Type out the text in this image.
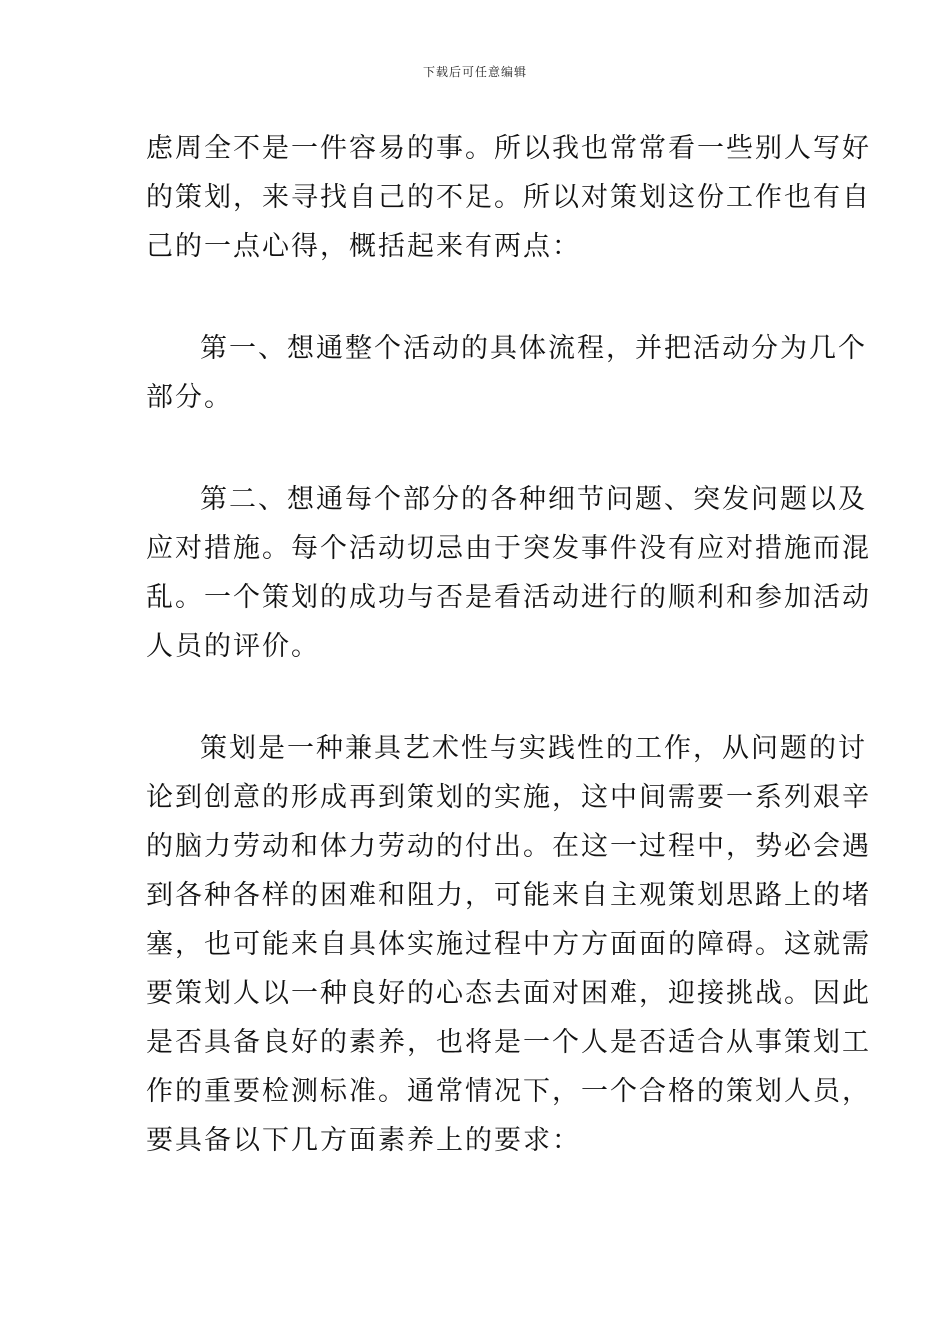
下载后可任意编辑

虑周全不是一件容易的事。所以我也常常看一些别人写好
的策划，来寻找自己的不足。所以对策划这份工作也有自
己的一点心得，概括起来有两点：

第一、想通整个活动的具体流程，并把活动分为几个
部分。

第二、想通每个部分的各种细节问题、突发问题以及
应对措施。每个活动切忌由于突发事件没有应对措施而混
乱。一个策划的成功与否是看活动进行的顺利和参加活动
人员的评价。

策划是一种兼具艺术性与实践性的工作，从问题的讨
论到创意的形成再到策划的实施，这中间需要一系列艰辛
的脑力劳动和体力劳动的付出。在这一过程中，势必会遇
到各种各样的困难和阻力，可能来自主观策划思路上的堵
塞，也可能来自具体实施过程中方方面面的障碍。这就需
要策划人以一种良好的心态去面对困难，迎接挑战。因此
是否具备良好的素养，也将是一个人是否适合从事策划工
作的重要检测标准。通常情况下，一个合格的策划人员，
要具备以下几方面素养上的要求：
